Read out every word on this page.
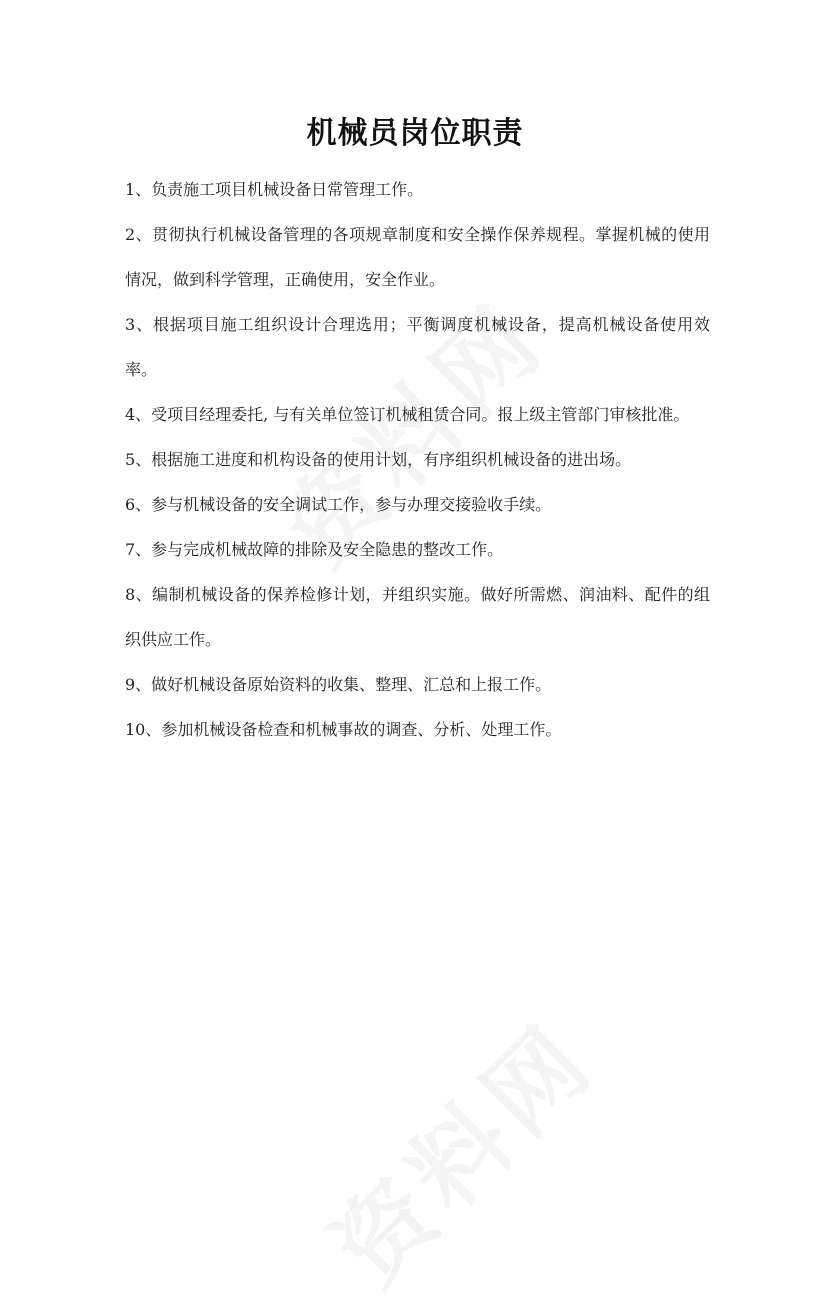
机械员岗位职责

1、负责施工项目机械设备日常管理工作。

2、贯彻执行机械设备管理的各项规章制度和安全操作保养规程。掌握机械的使用情况，做到科学管理，正确使用，安全作业。

3、根据项目施工组织设计合理选用；平衡调度机械设备，提高机械设备使用效率。

4、受项目经理委托, 与有关单位签订机械租赁合同。报上级主管部门审核批准。

5、根据施工进度和机构设备的使用计划，有序组织机械设备的进出场。

6、参与机械设备的安全调试工作，参与办理交接验收手续。

7、参与完成机械故障的排除及安全隐患的整改工作。

8、编制机械设备的保养检修计划，并组织实施。做好所需燃、润油料、配件的组织供应工作。

9、做好机械设备原始资料的收集、整理、汇总和上报工作。

10、参加机械设备检查和机械事故的调查、分析、处理工作。
